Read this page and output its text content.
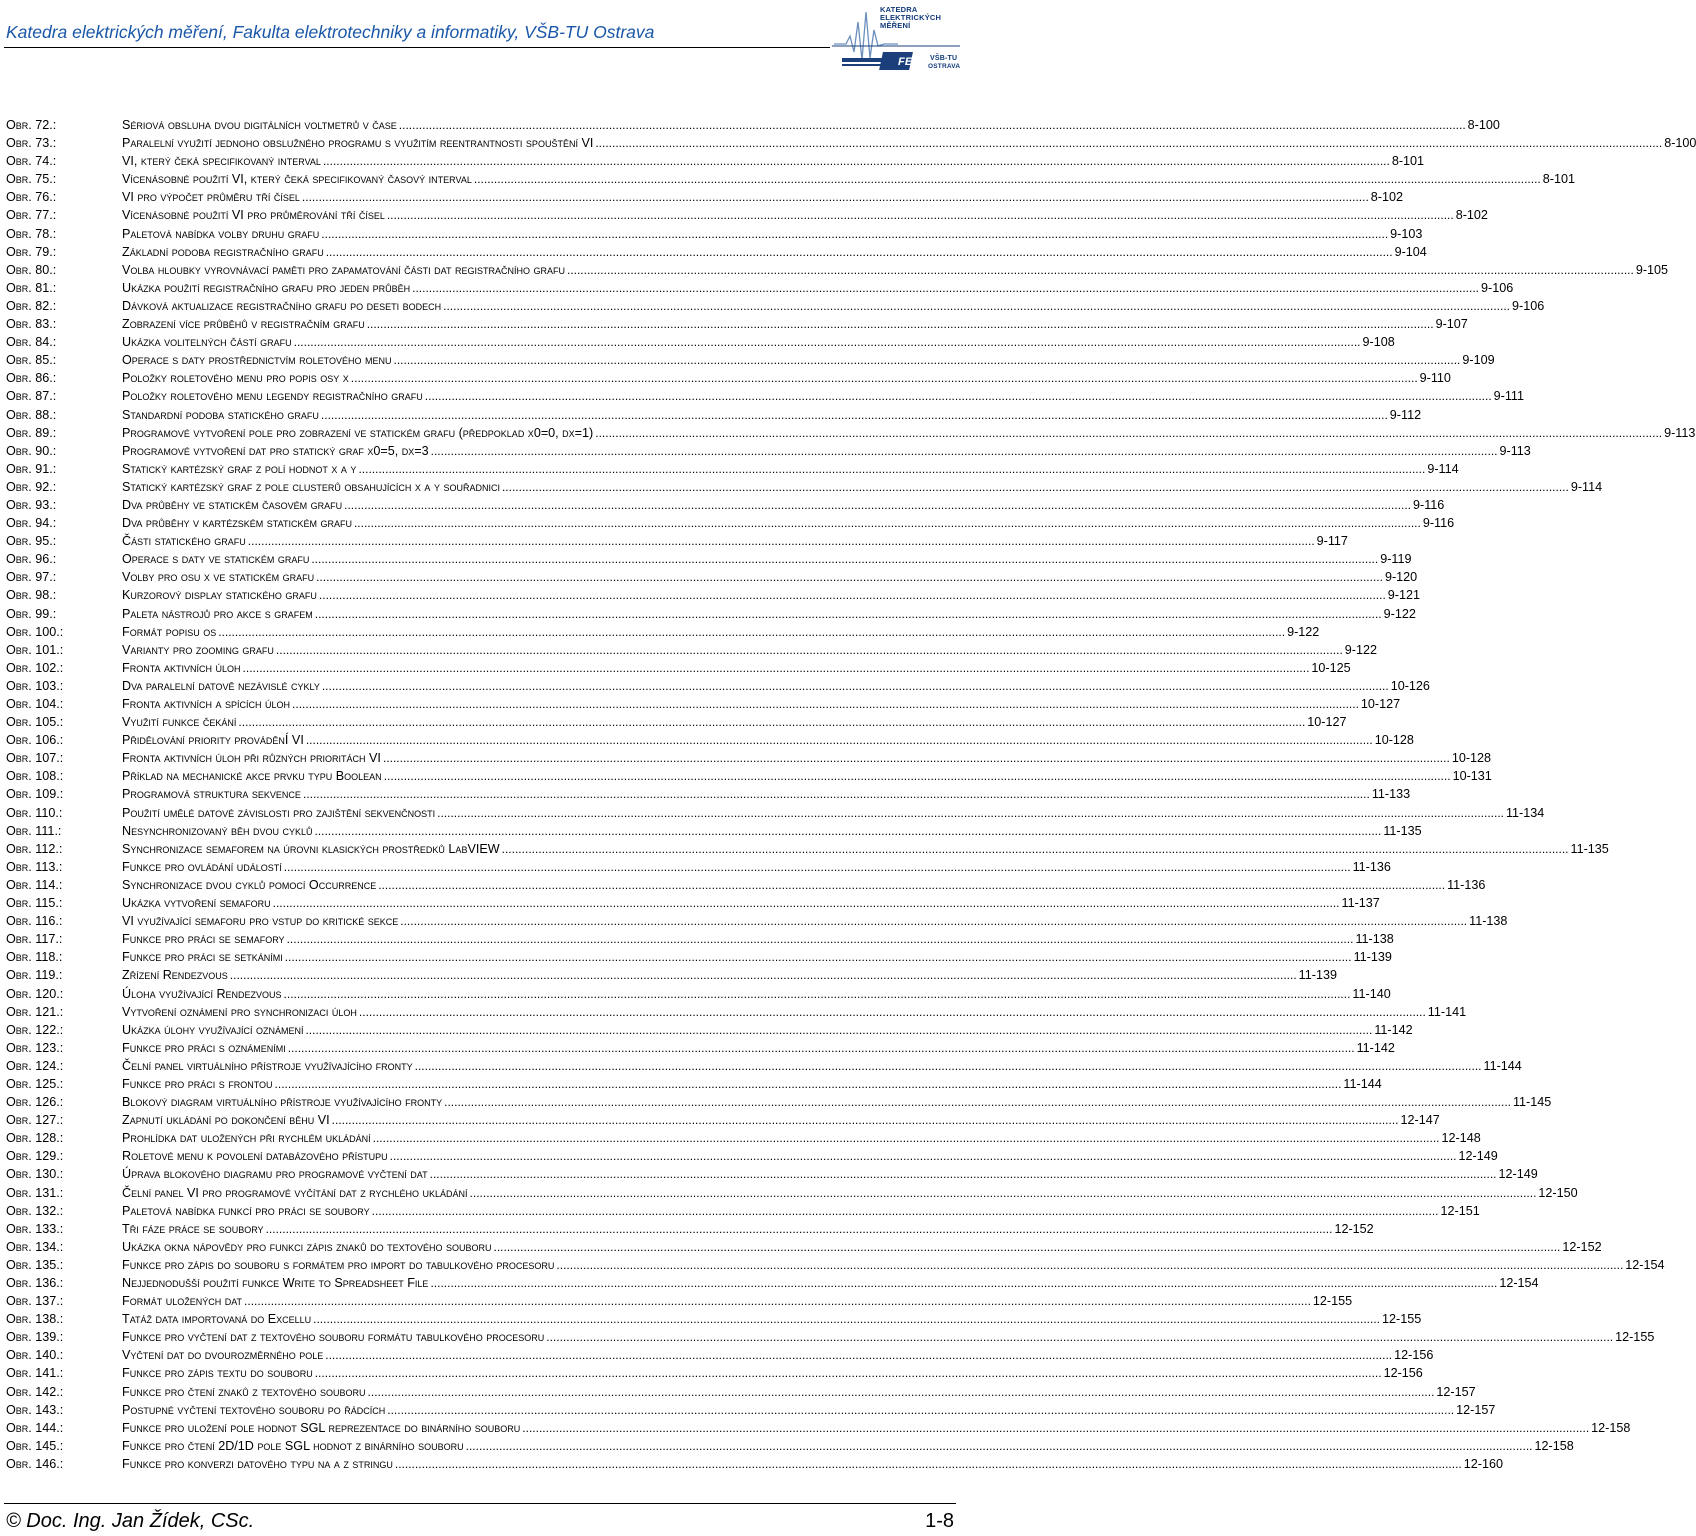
Katedra elektrických měření, Fakulta elektrotechniky a informatiky, VŠB-TU Ostrava
KATEDRA
ELEKTRICKÝCH
MĚŘENÍ
FEI VŠB-TU
OSTRAVA
Obr. 72.:	Sériová obsluha dvou digitálních voltmetrů v čase .....	8-100
Obr. 73.:	Paralelní využití jednoho obslužného programu s využitím reentrantnosti spouštění VI .....	8-100
Obr. 74.:	VI, který čeká specifikovaný interval .....	8-101
Obr. 75.:	Vícenásobné použití VI, který čeká specifikovaný časový interval .....	8-101
Obr. 76.:	VI pro výpočet průměru tří čísel .....	8-102
Obr. 77.:	Vícenásobné použití VI pro průměrování tří čísel .....	8-102
Obr. 78.:	Paletová nabídka volby druhu grafu .....	9-103
Obr. 79.:	Základní podoba registračního grafu .....	9-104
Obr. 80.:	Volba hloubky vyrovnávací paměti pro zapamatování části dat registračního grafu .....	9-105
Obr. 81.:	Ukázka použití registračního grafu pro jeden průběh .....	9-106
Obr. 82.:	Dávková aktualizace registračního grafu po deseti bodech .....	9-106
Obr. 83.:	Zobrazení více průběhů v registračním grafu .....	9-107
Obr. 84.:	Ukázka volitelných částí grafu .....	9-108
Obr. 85.:	Operace s daty prostřednictvím roletového menu .....	9-109
Obr. 86.:	Položky roletového menu pro popis osy x .....	9-110
Obr. 87.:	Položky roletového menu legendy registračního grafu .....	9-111
Obr. 88.:	Standardní podoba statického grafu .....	9-112
Obr. 89.:	Programové vytvoření pole pro zobrazení ve statickém grafu (předpoklad x0=0, dx=1) .....	9-113
Obr. 90.:	Programové vytvoření dat pro statický graf x0=5, dx=3 .....	9-113
Obr. 91.:	Statický kartézský graf z polí hodnot x a y .....	9-114
Obr. 92.:	Statický kartézský graf z pole clusterů obsahujících x a y souřadnici .....	9-114
Obr. 93.:	Dva průběhy ve statickém časovém grafu .....	9-116
Obr. 94.:	Dva průběhy v kartézském statickém grafu .....	9-116
Obr. 95.:	Části statického grafu .....	9-117
Obr. 96.:	Operace s daty ve statickém grafu .....	9-119
Obr. 97.:	Volby pro osu x ve statickém grafu .....	9-120
Obr. 98.:	Kurzorový display statického grafu .....	9-121
Obr. 99.:	Paleta nástrojů pro akce s grafem .....	9-122
Obr. 100.:	Formát popisu os .....	9-122
Obr. 101.:	Varianty pro zooming grafu .....	9-122
Obr. 102.:	Fronta aktivních úloh .....	10-125
Obr. 103.:	Dva paralelní datově nezávislé cykly .....	10-126
Obr. 104.:	Fronta aktivních a spících úloh .....	10-127
Obr. 105.:	Využití funkce čekání .....	10-127
Obr. 106.:	Přidělování priority prováděnÍ VI .....	10-128
Obr. 107.:	Fronta aktivních úloh při různých prioritách VI .....	10-128
Obr. 108.:	Příklad na mechanické akce prvku typu Boolean .....	10-131
Obr. 109.:	Programová struktura sekvence .....	11-133
Obr. 110.:	Použití umělé datové závislosti pro zajištění sekvenčnosti .....	11-134
Obr. 111.:	Nesynchronizovaný běh dvou cyklů .....	11-135
Obr. 112.:	Synchronizace semaforem na úrovni klasických prostředků LabVIEW .....	11-135
Obr. 113.:	Funkce pro ovládání událostí .....	11-136
Obr. 114.:	Synchronizace dvou cyklů pomocí Occurrence .....	11-136
Obr. 115.:	Ukázka vytvoření semaforu .....	11-137
Obr. 116.:	VI využívající semaforu pro vstup do kritické sekce .....	11-138
Obr. 117.:	Funkce pro práci se semafory .....	11-138
Obr. 118.:	Funkce pro práci se setkáními .....	11-139
Obr. 119.:	Zřízení Rendezvous .....	11-139
Obr. 120.:	Úloha využívající Rendezvous .....	11-140
Obr. 121.:	Vytvoření oznámení pro synchronizaci úloh .....	11-141
Obr. 122.:	Ukázka úlohy využívající oznámení .....	11-142
Obr. 123.:	Funkce pro práci s oznámeními .....	11-142
Obr. 124.:	Čelní panel virtuálního přístroje využívajícího fronty .....	11-144
Obr. 125.:	Funkce pro práci s frontou .....	11-144
Obr. 126.:	Blokový diagram virtuálního přístroje využívajícího fronty .....	11-145
Obr. 127.:	Zapnutí ukládání po dokončení běhu VI .....	12-147
Obr. 128.:	Prohlídka dat uložených při rychlém ukládání .....	12-148
Obr. 129.:	Roletové menu k povolení databázového přístupu .....	12-149
Obr. 130.:	Úprava blokového diagramu pro programové vyčtení dat .....	12-149
Obr. 131.:	Čelní panel VI pro programové vyčítání dat z rychlého ukládání .....	12-150
Obr. 132.:	Paletová nabídka funkcí pro práci se soubory .....	12-151
Obr. 133.:	Tři fáze práce se soubory .....	12-152
Obr. 134.:	Ukázka okna nápovědy pro funkci zápis znaků do textového souboru .....	12-152
Obr. 135.:	Funkce pro zápis do souboru s formátem pro import do tabulkového procesoru .....	12-154
Obr. 136.:	Nejjednodušší použití funkce Write to Spreadsheet File .....	12-154
Obr. 137.:	Formát uložených dat .....	12-155
Obr. 138.:	Tatáž data importovaná do Excellu .....	12-155
Obr. 139.:	Funkce pro vyčtení dat z textového souboru formátu tabulkového procesoru .....	12-155
Obr. 140.:	Vyčtení dat do dvourozměrného pole .....	12-156
Obr. 141.:	Funkce pro zápis textu do souboru .....	12-156
Obr. 142.:	Funkce pro čtení znaků z textového souboru .....	12-157
Obr. 143.:	Postupné vyčtení textového souboru po řádcích .....	12-157
Obr. 144.:	Funkce pro uložení pole hodnot SGL reprezentace do binárního souboru .....	12-158
Obr. 145.:	Funkce pro čtení 2D/1D pole SGL hodnot z binárního souboru .....	12-158
Obr. 146.:	Funkce pro konverzi datového typu na a z stringu .....	12-160
© Doc. Ing. Jan Žídek, CSc.	1-8
